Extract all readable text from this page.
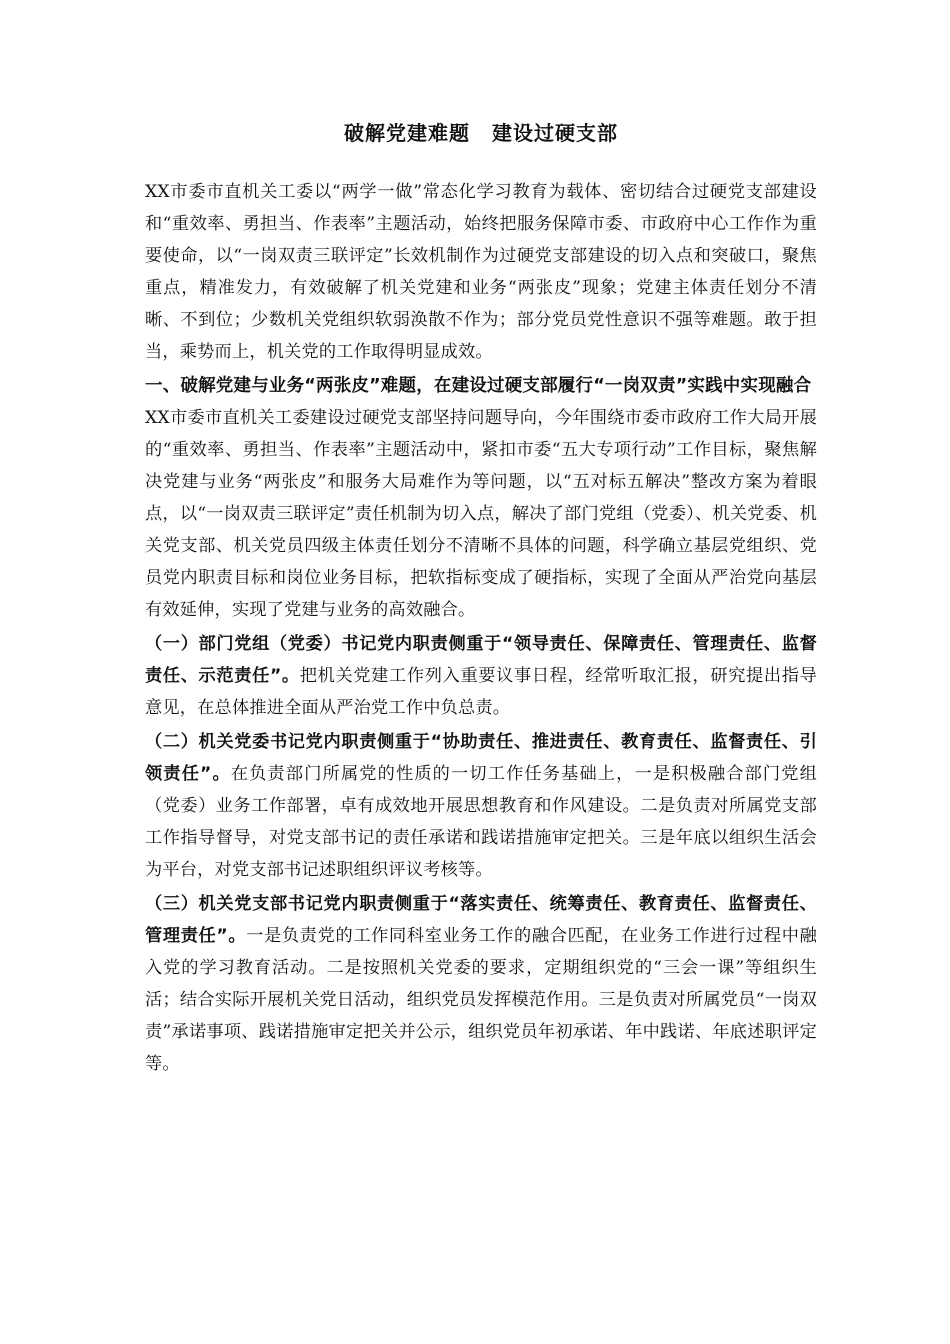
破解党建难题 建设过硬支部

XX市委市直机关工委以“两学一做”常态化学习教育为载体、密切结合过硬党支部建设和“重效率、勇担当、作表率”主题活动，始终把服务保障市委、市政府中心工作作为重要使命，以“一岗双责三联评定”长效机制作为过硬党支部建设的切入点和突破口，聚焦重点，精准发力，有效破解了机关党建和业务“两张皮”现象；党建主体责任划分不清晰、不到位；少数机关党组织软弱涣散不作为；部分党员党性意识不强等难题。敢于担当，乘势而上，机关党的工作取得明显成效。

一、破解党建与业务“两张皮”难题，在建设过硬支部履行“一岗双责”实践中实现融合

XX市委市直机关工委建设过硬党支部坚持问题导向，今年围绕市委市政府工作大局开展的“重效率、勇担当、作表率”主题活动中，紧扣市委“五大专项行动”工作目标，聚焦解决党建与业务“两张皮”和服务大局难作为等问题，以“五对标五解决”整改方案为着眼点，以“一岗双责三联评定”责任机制为切入点，解决了部门党组（党委）、机关党委、机关党支部、机关党员四级主体责任划分不清晰不具体的问题，科学确立基层党组织、党员党内职责目标和岗位业务目标，把软指标变成了硬指标，实现了全面从严治党向基层有效延伸，实现了党建与业务的高效融合。

（一）部门党组（党委）书记党内职责侧重于“领导责任、保障责任、管理责任、监督责任、示范责任”。把机关党建工作列入重要议事日程，经常听取汇报，研究提出指导意见，在总体推进全面从严治党工作中负总责。

（二）机关党委书记党内职责侧重于“协助责任、推进责任、教育责任、监督责任、引领责任”。在负责部门所属党的性质的一切工作任务基础上，一是积极融合部门党组（党委）业务工作部署，卓有成效地开展思想教育和作风建设。二是负责对所属党支部工作指导督导，对党支部书记的责任承诺和践诺措施审定把关。三是年底以组织生活会为平台，对党支部书记述职组织评议考核等。

（三）机关党支部书记党内职责侧重于“落实责任、统筹责任、教育责任、监督责任、管理责任”。一是负责党的工作同科室业务工作的融合匹配，在业务工作进行过程中融入党的学习教育活动。二是按照机关党委的要求，定期组织党的“三会一课”等组织生活；结合实际开展机关党日活动，组织党员发挥模范作用。三是负责对所属党员“一岗双责”承诺事项、践诺措施审定把关并公示，组织党员年初承诺、年中践诺、年底述职评定等。
